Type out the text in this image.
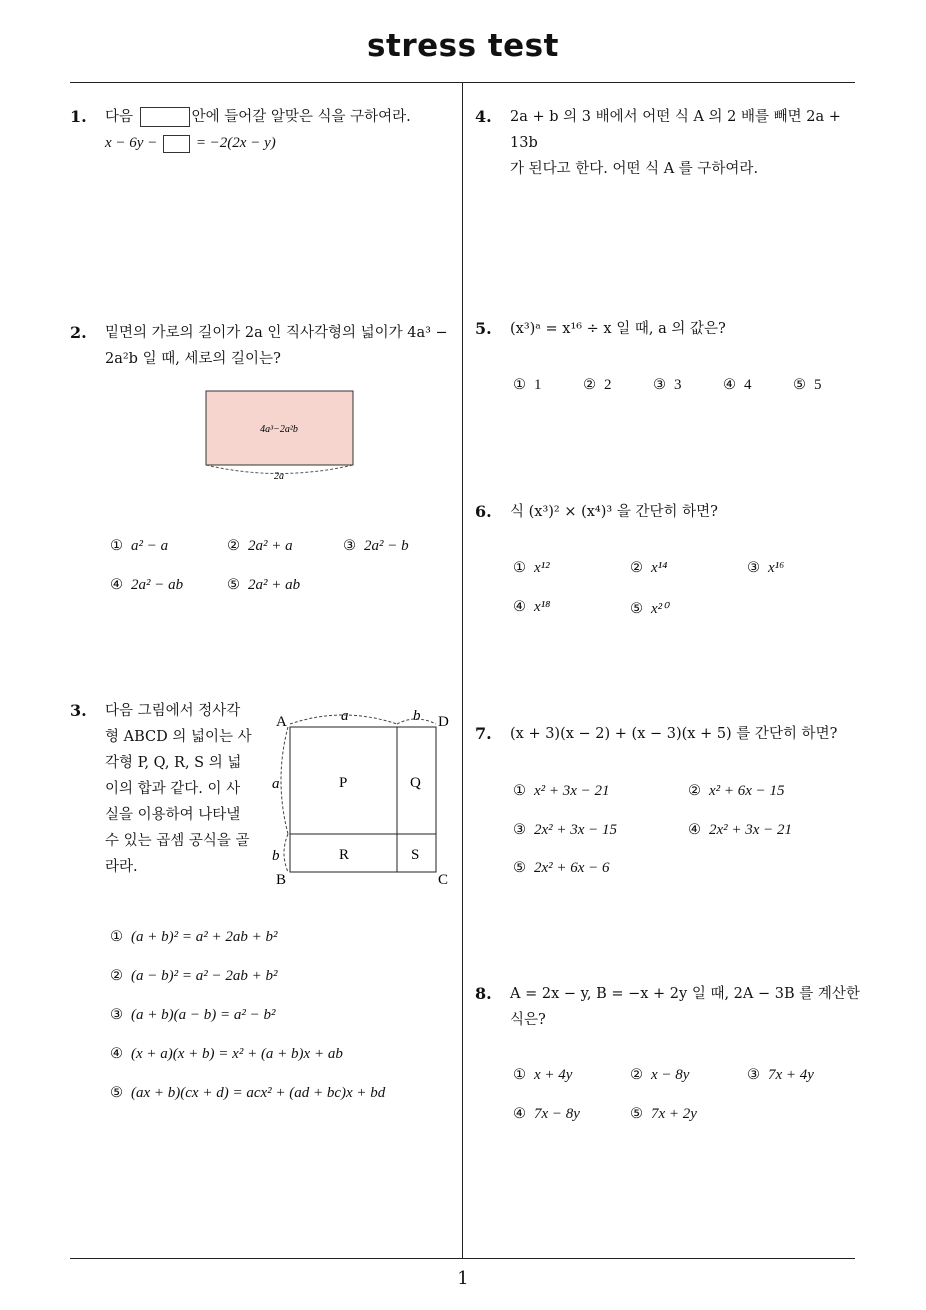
stress test
1. 다음	안에 들어갈 알맞은 식을 구하여라.
x − 6y −	= −2(2x − y)
2. 밑면의 가로의 길이가 2a 인 직사각형의 넓이가 4a³ −
2a²b 일 때, 세로의 길이는?
4a³−2a²b
2a
① a² − a	② 2a² + a	③ 2a² − b
④ 2a² − ab	⑤ 2a² + ab
3. 다음 그림에서 정사각
형 ABCD 의 넓이는 사
각형 P, Q, R, S 의 넓
이의 합과 같다. 이 사
실을 이용하여 나타낼
수 있는 곱셈 공식을 골
라라.
A	D
B	C
a	b
a
b
P	Q
R	S
① (a + b)² = a² + 2ab + b²
② (a − b)² = a² − 2ab + b²
③ (a + b)(a − b) = a² − b²
④ (x + a)(x + b) = x² + (a + b)x + ab
⑤ (ax + b)(cx + d) = acx² + (ad + bc)x + bd
4. 2a + b 의 3 배에서 어떤 식 A 의 2 배를 빼면 2a + 13b
가 된다고 한다. 어떤 식 A 를 구하여라.
5. (x³)ᵃ = x¹⁶ ÷ x 일 때, a 의 값은?
① 1	② 2	③ 3	④ 4	⑤ 5
6. 식 (x³)² × (x⁴)³ 을 간단히 하면?
① x¹²	② x¹⁴	③ x¹⁶
④ x¹⁸	⑤ x²⁰
7. (x + 3)(x − 2) + (x − 3)(x + 5) 를 간단히 하면?
① x² + 3x − 21	② x² + 6x − 15
③ 2x² + 3x − 15	④ 2x² + 3x − 21
⑤ 2x² + 6x − 6
8. A = 2x − y, B = −x + 2y 일 때, 2A − 3B 를 계산한
식은?
① x + 4y	② x − 8y	③ 7x + 4y
④ 7x − 8y	⑤ 7x + 2y
1
